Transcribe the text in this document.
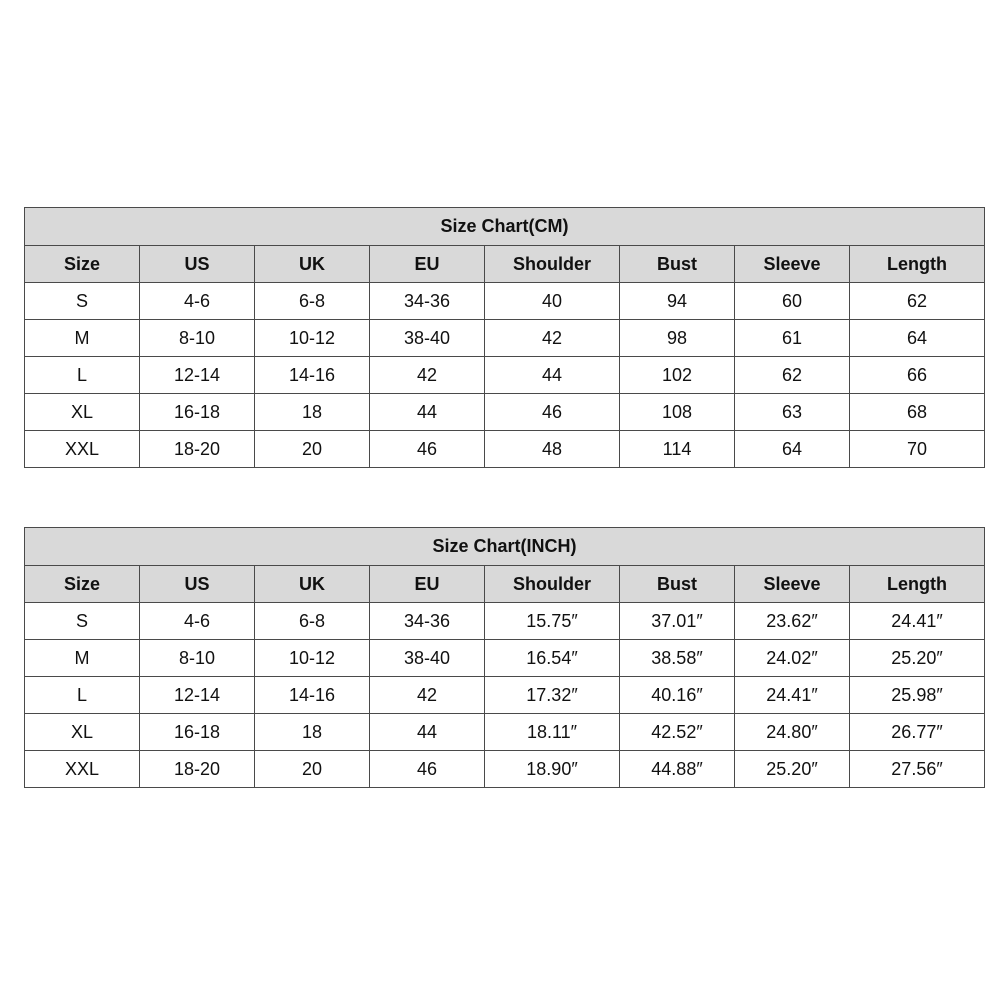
Size Chart(CM)							
Size	US	UK	EU	Shoulder	Bust	Sleeve	Length
S	4-6	6-8	34-36	40	94	60	62
M	8-10	10-12	38-40	42	98	61	64
L	12-14	14-16	42	44	102	62	66
XL	16-18	18	44	46	108	63	68
XXL	18-20	20	46	48	114	64	70
Size Chart(INCH)							
Size	US	UK	EU	Shoulder	Bust	Sleeve	Length
S	4-6	6-8	34-36	15.75″	37.01″	23.62″	24.41″
M	8-10	10-12	38-40	16.54″	38.58″	24.02″	25.20″
L	12-14	14-16	42	17.32″	40.16″	24.41″	25.98″
XL	16-18	18	44	18.11″	42.52″	24.80″	26.77″
XXL	18-20	20	46	18.90″	44.88″	25.20″	27.56″
